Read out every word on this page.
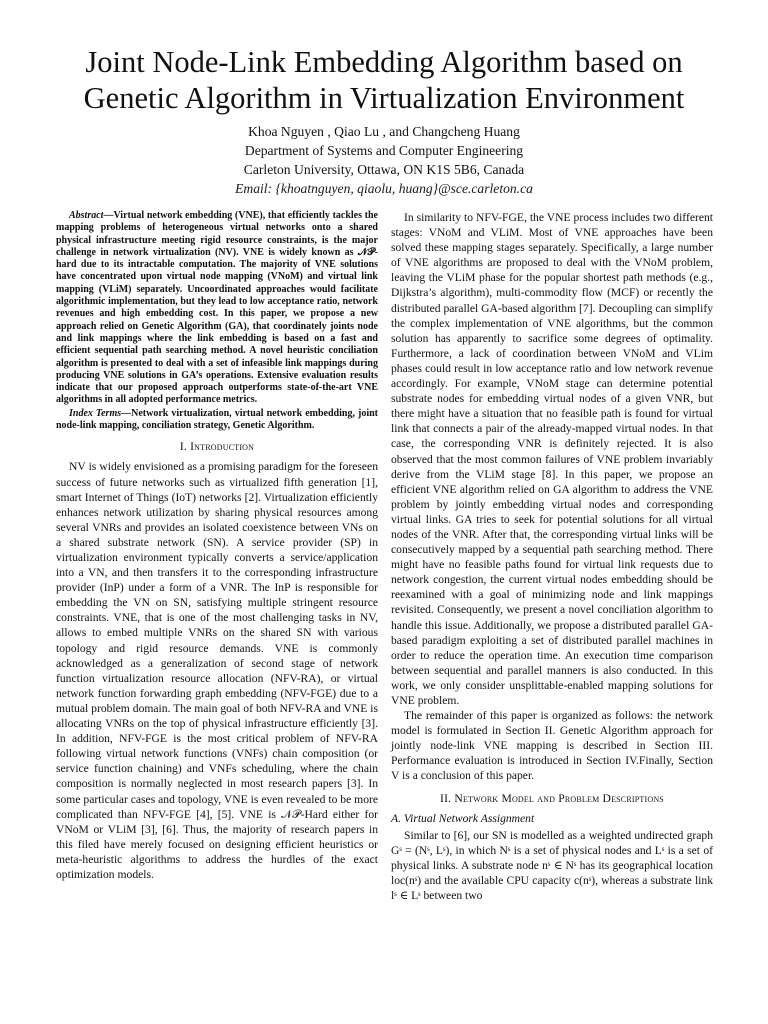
Joint Node-Link Embedding Algorithm based on
Genetic Algorithm in Virtualization Environment
Khoa Nguyen , Qiao Lu , and Changcheng Huang
Department of Systems and Computer Engineering
Carleton University, Ottawa, ON K1S 5B6, Canada
Email: {khoatnguyen, qiaolu, huang}@sce.carleton.ca

Abstract—Virtual network embedding (VNE), that efficiently tackles the mapping problems of heterogeneous virtual networks onto a shared physical infrastructure meeting rigid resource constraints, is the major challenge in network virtualization (NV). VNE is widely known as 𝒩𝒫-hard due to its intractable computation. The majority of VNE solutions have concentrated upon virtual node mapping (VNoM) and virtual link mapping (VLiM) separately. Uncoordinated approaches would facilitate algorithmic implementation, but they lead to low acceptance ratio, network revenues and high embedding cost. In this paper, we propose a new approach relied on Genetic Algorithm (GA), that coordinately joints node and link mappings where the link embedding is based on a fast and efficient sequential path searching method. A novel heuristic conciliation algorithm is presented to deal with a set of infeasible link mappings during producing VNE solutions in GA’s operations. Extensive evaluation results indicate that our proposed approach outperforms state-of-the-art VNE algorithms in all adopted performance metrics.

Index Terms—Network virtualization, virtual network embedding, joint node-link mapping, conciliation strategy, Genetic Algorithm.

I. Introduction

NV is widely envisioned as a promising paradigm for the foreseen success of future networks such as virtualized fifth generation [1], smart Internet of Things (IoT) networks [2]. Virtualization efficiently enhances network utilization by sharing physical resources among several VNRs and provides an isolated coexistence between VNs on a shared substrate network (SN). A service provider (SP) in virtualization environment typically converts a service/application into a VN, and then transfers it to the corresponding infrastructure provider (InP) under a form of a VNR. The InP is responsible for embedding the VN on SN, satisfying multiple stringent resource constraints. VNE, that is one of the most challenging tasks in NV, allows to embed multiple VNRs on the shared SN with various topology and rigid resource demands. VNE is commonly acknowledged as a generalization of second stage of network function virtualization resource allocation (NFV-RA), or virtual network function forwarding graph embedding (NFV-FGE) due to a mutual problem domain. The main goal of both NFV-RA and VNE is allocating VNRs on the top of physical infrastructure efficiently [3]. In addition, NFV-FGE is the most critical problem of NFV-RA following virtual network functions (VNFs) chain composition (or service function chaining) and VNFs scheduling, where the chain composition is normally neglected in most research papers [3]. In some particular cases and topology, VNE is even revealed to be more complicated than NFV-FGE [4], [5]. VNE is 𝒩𝒫-Hard either for VNoM or VLiM [3], [6]. Thus, the majority of research papers in this filed have merely focused on designing efficient heuristics or meta-heuristic algorithms to address the hurdles of the exact optimization models.

In similarity to NFV-FGE, the VNE process includes two different stages: VNoM and VLiM. Most of VNE approaches have been solved these mapping stages separately. Specifically, a large number of VNE algorithms are proposed to deal with the VNoM problem, leaving the VLiM phase for the popular shortest path methods (e.g., Dijkstra’s algorithm), multi-commodity flow (MCF) or recently the distributed parallel GA-based algorithm [7]. Decoupling can simplify the complex implementation of VNE algorithms, but the common solution has apparently to sacrifice some degrees of optimality. Furthermore, a lack of coordination between VNoM and VLim phases could result in low acceptance ratio and low network revenue accordingly. For example, VNoM stage can determine potential substrate nodes for embedding virtual nodes of a given VNR, but there might have a situation that no feasible path is found for virtual link that connects a pair of the already-mapped virtual nodes. In that case, the corresponding VNR is definitely rejected. It is also observed that the most common failures of VNE problem invariably derive from the VLiM stage [8]. In this paper, we propose an efficient VNE algorithm relied on GA algorithm to address the VNE problem by jointly embedding virtual nodes and corresponding virtual links. GA tries to seek for potential solutions for all virtual nodes of the VNR. After that, the corresponding virtual links will be consecutively mapped by a sequential path searching method. There might have no feasible paths found for virtual link requests due to network congestion, the current virtual nodes embedding should be reexamined with a goal of minimizing node and link mappings revisited. Consequently, we present a novel conciliation algorithm to handle this issue. Additionally, we propose a distributed parallel GA-based paradigm exploiting a set of distributed parallel machines in order to reduce the operation time. An execution time comparison between sequential and parallel manners is also conducted. In this work, we only consider unsplittable-enabled mapping solutions for VNE problem.

The remainder of this paper is organized as follows: the network model is formulated in Section II. Genetic Algorithm approach for jointly node-link VNE mapping is described in Section III. Performance evaluation is introduced in Section IV.Finally, Section V is a conclusion of this paper.

II. Network Model and Problem Descriptions
A. Virtual Network Assignment

Similar to [6], our SN is modelled as a weighted undirected graph Gˢ = (Nˢ, Lˢ), in which Nˢ is a set of physical nodes and Lˢ is a set of physical links. A substrate node nˢ ∈ Nˢ has its geographical location loc(nˢ) and the available CPU capacity c(nˢ), whereas a substrate link lˢ ∈ Lˢ between two
